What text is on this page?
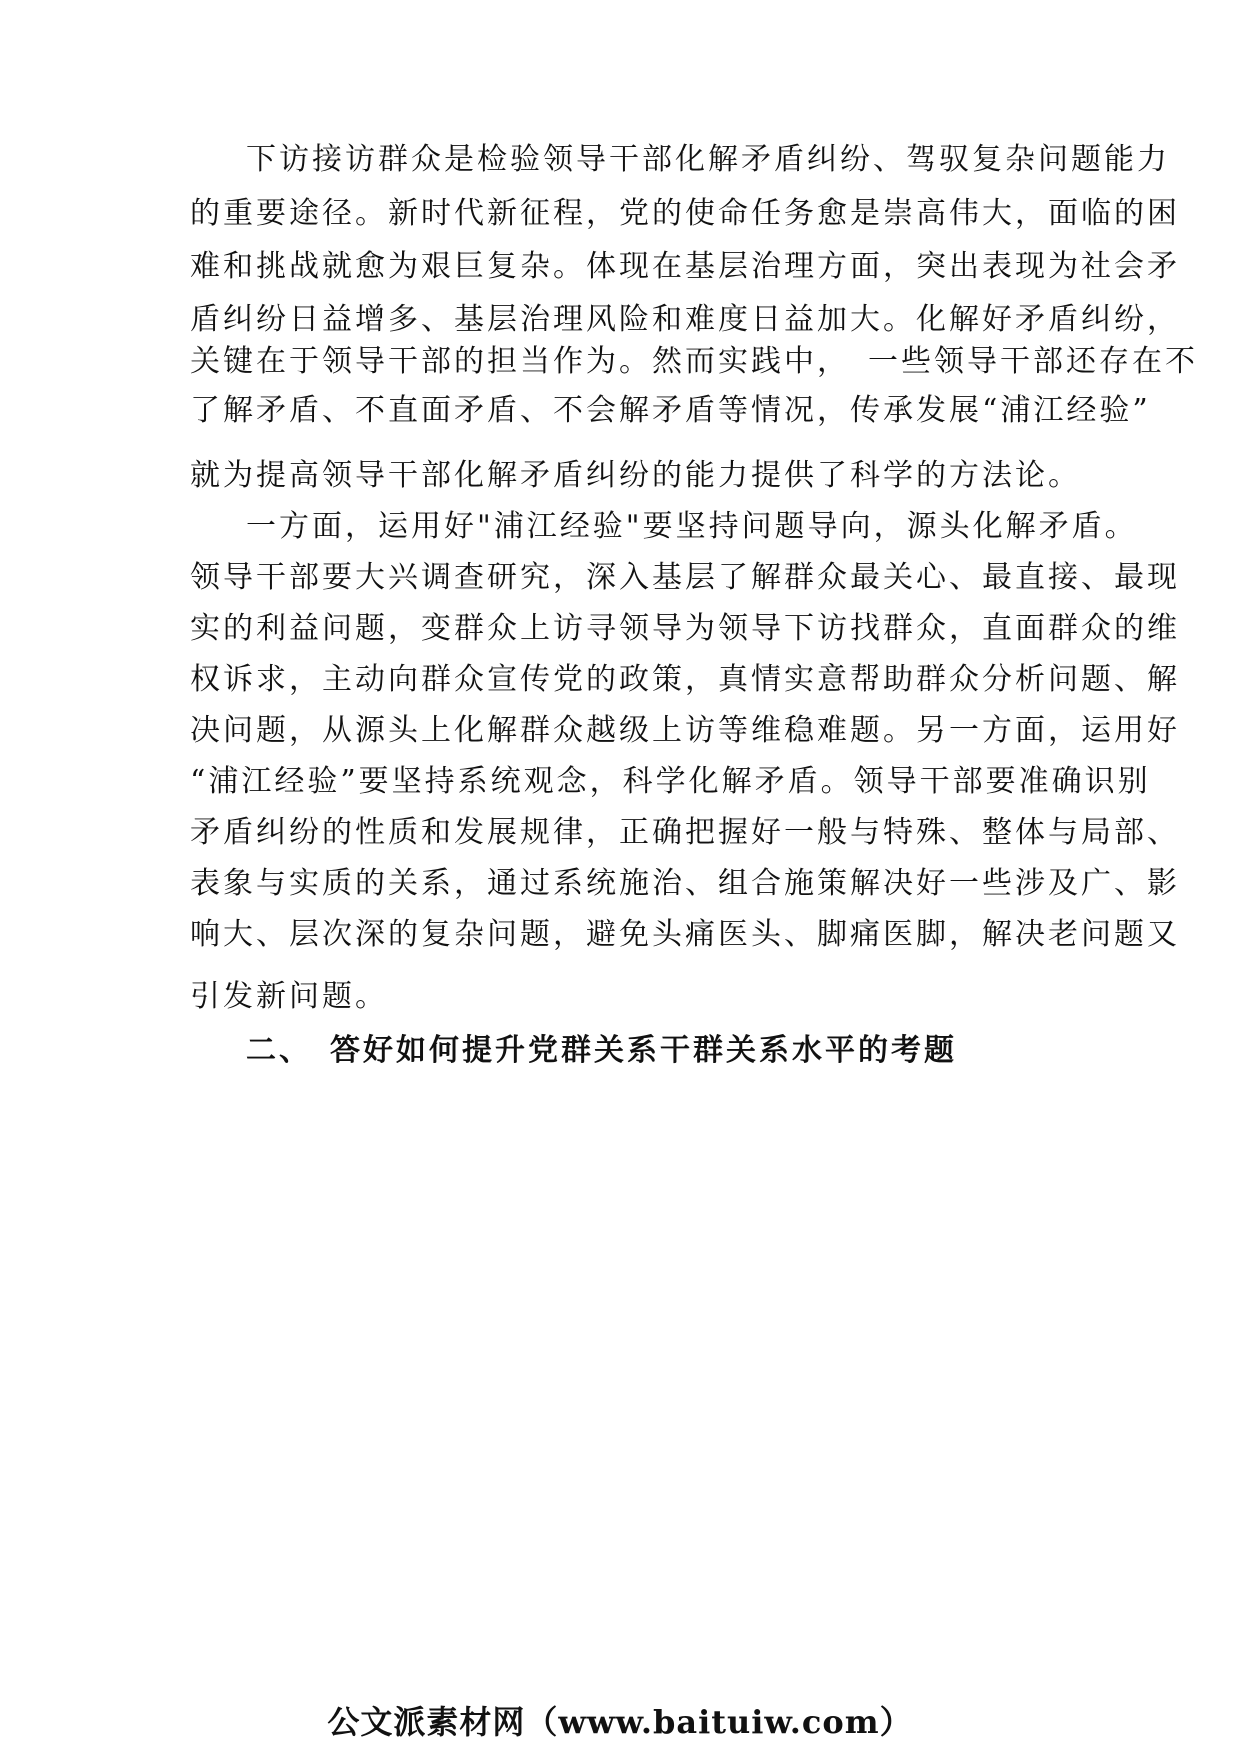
下访接访群众是检验领导干部化解矛盾纠纷、驾驭复杂问题能力
的重要途径。新时代新征程，党的使命任务愈是崇高伟大，面临的困
难和挑战就愈为艰巨复杂。体现在基层治理方面，突出表现为社会矛
盾纠纷日益增多、基层治理风险和难度日益加大。化解好矛盾纠纷，
关键在于领导干部的担当作为。然而实践中，　一些领导干部还存在不
了解矛盾、不直面矛盾、不会解矛盾等情况，传承发展“浦江经验”
就为提高领导干部化解矛盾纠纷的能力提供了科学的方法论。
一方面，运用好"浦江经验"要坚持问题导向，源头化解矛盾。
领导干部要大兴调查研究，深入基层了解群众最关心、最直接、最现
实的利益问题，变群众上访寻领导为领导下访找群众，直面群众的维
权诉求，主动向群众宣传党的政策，真情实意帮助群众分析问题、解
决问题，从源头上化解群众越级上访等维稳难题。另一方面，运用好
“浦江经验”要坚持系统观念，科学化解矛盾。领导干部要准确识别
矛盾纠纷的性质和发展规律，正确把握好一般与特殊、整体与局部、
表象与实质的关系，通过系统施治、组合施策解决好一些涉及广、影
响大、层次深的复杂问题，避免头痛医头、脚痛医脚，解决老问题又
引发新问题。
二、　答好如何提升党群关系干群关系水平的考题
公文派素材网（www.baituiw.com）
